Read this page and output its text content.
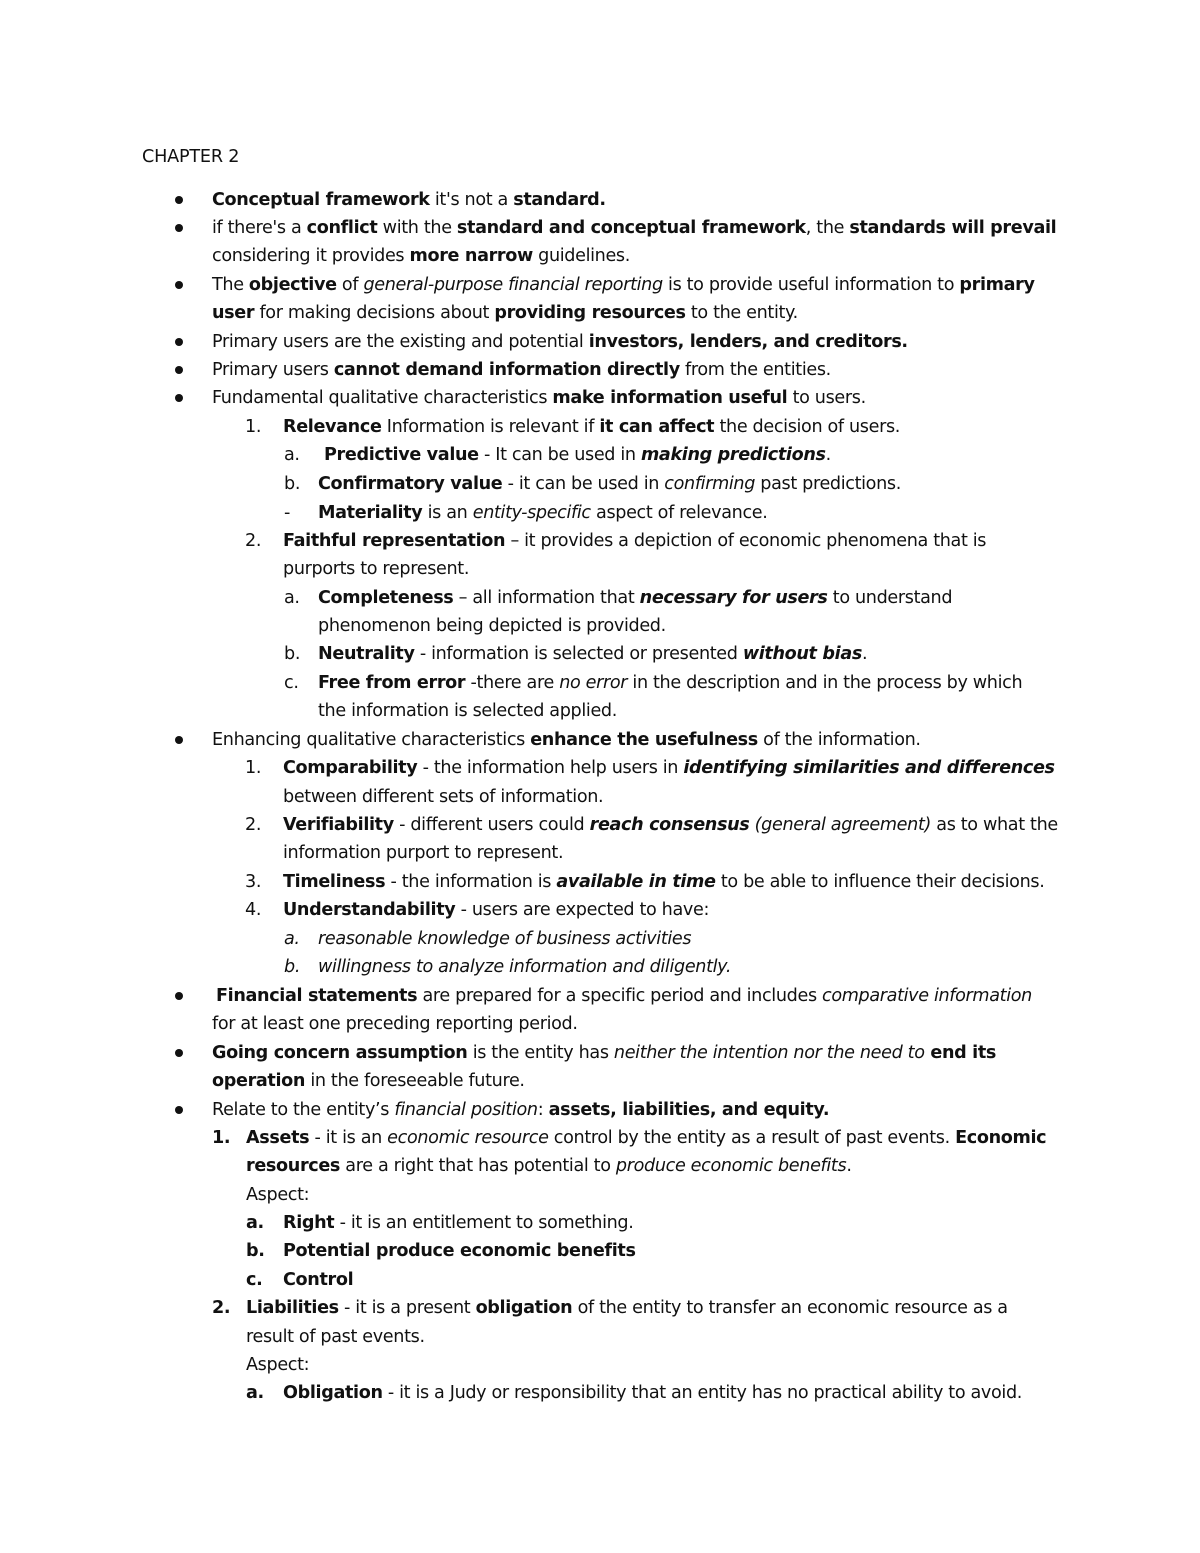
CHAPTER 2
Conceptual framework it's not a standard.
if there's a conflict with the standard and conceptual framework, the standards will prevail
considering it provides more narrow guidelines.
The objective of general-purpose financial reporting is to provide useful information to primary
user for making decisions about providing resources to the entity.
Primary users are the existing and potential investors, lenders, and creditors.
Primary users cannot demand information directly from the entities.
Fundamental qualitative characteristics make information useful to users.
1. Relevance Information is relevant if it can affect the decision of users.
a. Predictive value - It can be used in making predictions.
b. Confirmatory value - it can be used in confirming past predictions.
- Materiality is an entity-specific aspect of relevance.
2. Faithful representation – it provides a depiction of economic phenomena that is
purports to represent.
a. Completeness – all information that necessary for users to understand
phenomenon being depicted is provided.
b. Neutrality - information is selected or presented without bias.
c. Free from error -there are no error in the description and in the process by which
the information is selected applied.
Enhancing qualitative characteristics enhance the usefulness of the information.
1. Comparability - the information help users in identifying similarities and differences
between different sets of information.
2. Verifiability - different users could reach consensus (general agreement) as to what the
information purport to represent.
3. Timeliness - the information is available in time to be able to influence their decisions.
4. Understandability - users are expected to have:
a. reasonable knowledge of business activities
b. willingness to analyze information and diligently.
Financial statements are prepared for a specific period and includes comparative information
for at least one preceding reporting period.
Going concern assumption is the entity has neither the intention nor the need to end its
operation in the foreseeable future.
Relate to the entity’s financial position: assets, liabilities, and equity.
1. Assets - it is an economic resource control by the entity as a result of past events. Economic
resources are a right that has potential to produce economic benefits.
Aspect:
a. Right - it is an entitlement to something.
b. Potential produce economic benefits
c. Control
2. Liabilities - it is a present obligation of the entity to transfer an economic resource as a
result of past events.
Aspect:
a. Obligation - it is a Judy or responsibility that an entity has no practical ability to avoid.
